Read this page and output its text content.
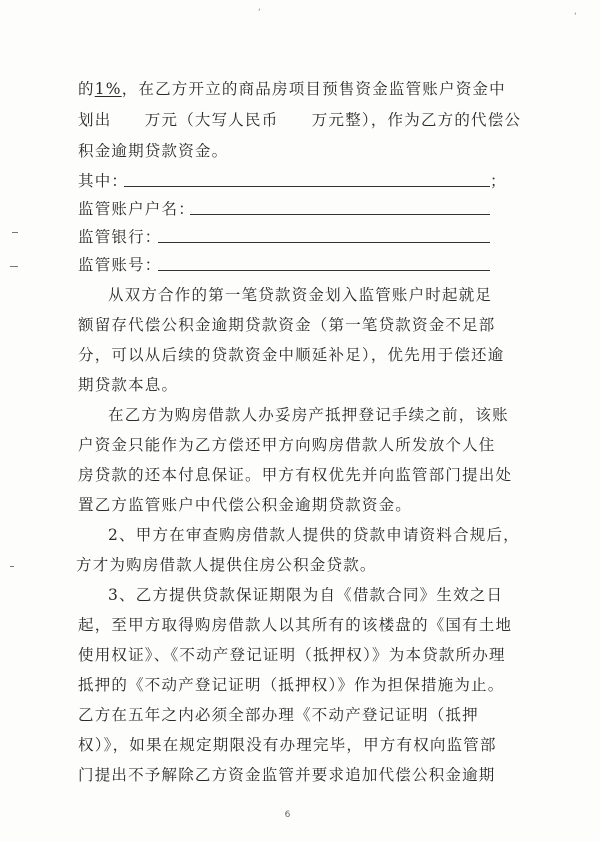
‘	‘
的1%，在乙方开立的商品房项目预售资金监管账户资金中
划出　　万元（大写人民币　　万元整），作为乙方的代偿公
积金逾期贷款资金。
其中：	；
监管账户户名：
监管银行：
监管账号：
从双方合作的第一笔贷款资金划入监管账户时起就足
额留存代偿公积金逾期贷款资金（第一笔贷款资金不足部
分，可以从后续的贷款资金中顺延补足），优先用于偿还逾
期贷款本息。
在乙方为购房借款人办妥房产抵押登记手续之前，该账
户资金只能作为乙方偿还甲方向购房借款人所发放个人住
房贷款的还本付息保证。甲方有权优先并向监管部门提出处
置乙方监管账户中代偿公积金逾期贷款资金。
2、甲方在审查购房借款人提供的贷款申请资料合规后，
方才为购房借款人提供住房公积金贷款。
3、乙方提供贷款保证期限为自《借款合同》生效之日
起，至甲方取得购房借款人以其所有的该楼盘的《国有土地
使用权证》、《不动产登记证明（抵押权）》为本贷款所办理
抵押的《不动产登记证明（抵押权）》作为担保措施为止。
乙方在五年之内必须全部办理《不动产登记证明（抵押
权）》，如果在规定期限没有办理完毕，甲方有权向监管部
门提出不予解除乙方资金监管并要求追加代偿公积金逾期
6
